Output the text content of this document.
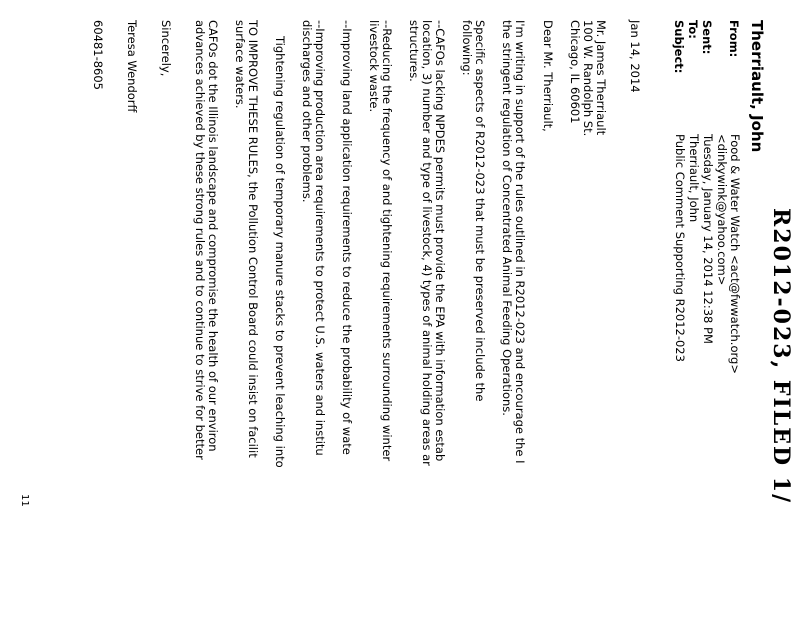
R2012-023, FILED 1/
Therriault, John
From:
Food & Water Watch <act@fwwatch.org>
<dinkywink@yahoo.com>
Sent:
Tuesday, January 14, 2014 12:38 PM
To:
Therriault, John
Subject:
Public Comment Supporting R2012-023
Jan 14, 2014
Mr. James Therriault
100 W. Randolph St.
Chicago, IL 60601
Dear Mr. Therriault,
I'm writing in support of the rules outlined in R2012-023 and encourage the I
the stringent regulation of Concentrated Animal Feeding Operations.
Specific aspects of R2012-023 that must be preserved include the
following:
--CAFOs lacking NPDES permits must provide the EPA with information estab
location, 3) number and type of livestock, 4) types of animal holding areas ar
structures.
--Reducing the frequency of and tightening requirements surrounding winter
livestock waste.
--Improving land application requirements to reduce the probability of wate
--Improving production area requirements to protect U.S. waters and institu
discharges and other problems.
Tightening regulation of temporary manure stacks to prevent leaching into
TO IMPROVE THESE RULES, the Pollution Control Board could insist on facilit
surface waters.
CAFOs dot the Illinois landscape and compromise the health of our environ
advances achieved by these strong rules and to continue to strive for better
Sincerely,
Teresa Wendorff
60481-8605
11
